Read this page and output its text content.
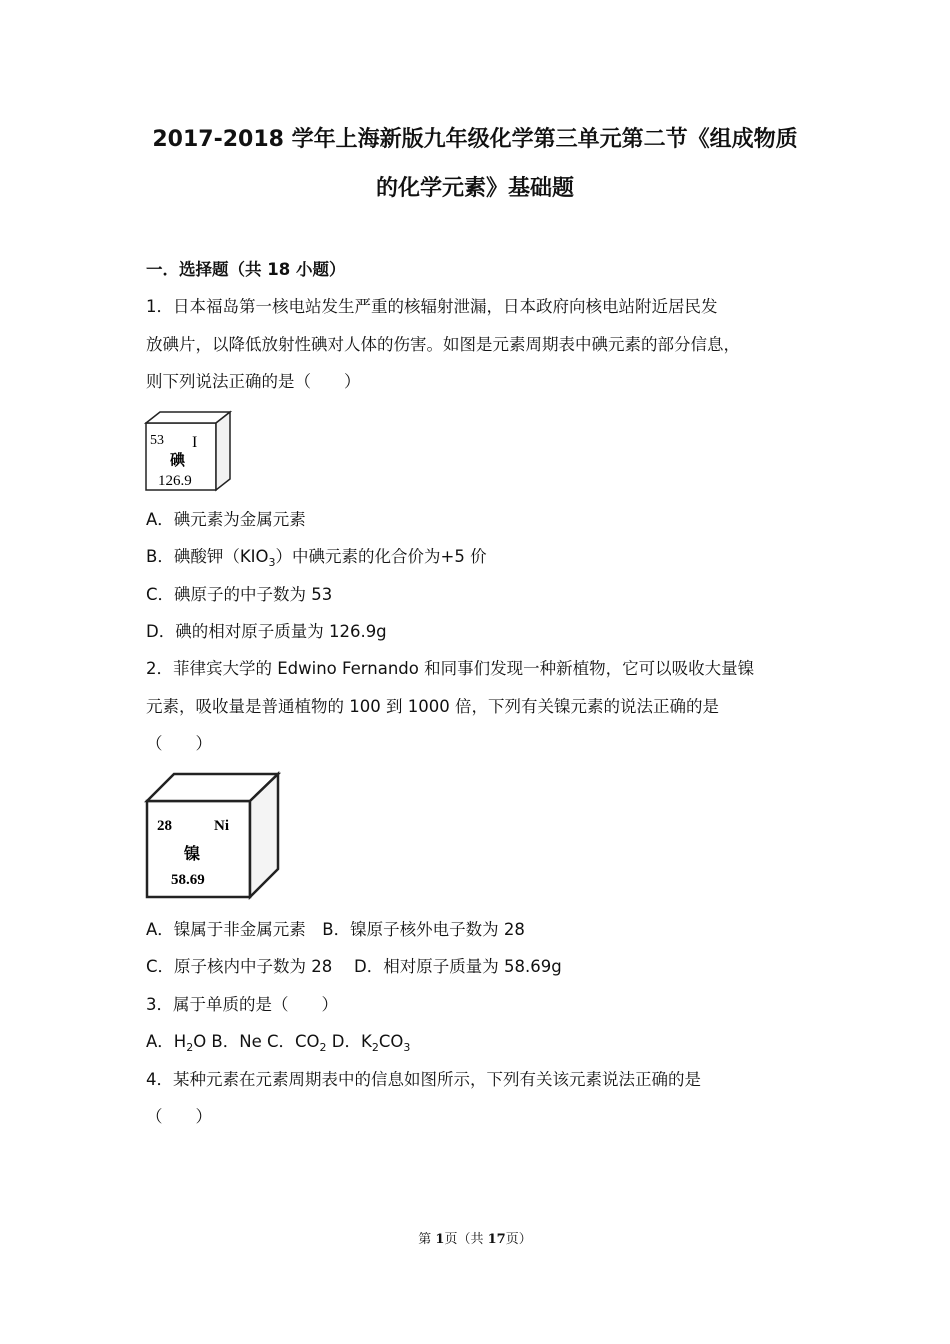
2017-2018 学年上海新版九年级化学第三单元第二节《组成物质
的化学元素》基础题
一．选择题（共 18 小题）
1．日本福岛第一核电站发生严重的核辐射泄漏，日本政府向核电站附近居民发
放碘片，以降低放射性碘对人体的伤害。如图是元素周期表中碘元素的部分信息，
则下列说法正确的是（　　）
53 I
碘
126.9
A．碘元素为金属元素
B．碘酸钾$(KIO_3)$中碘元素的化合价为+5 价
C．碘原子的中子数为 53
D．碘的相对原子质量为 126.9g
2．菲律宾大学的 Edwino Fernando 和同事们发现一种新植物，它可以吸收大量镍
元素，吸收量是普通植物的 100 到 1000 倍，下列有关镍元素的说法正确的是
（　　）
28	Ni
镍
58.69
A．镍属于非金属元素　B．镍原子核外电子数为 28
C．原子核内中子数为 28　 D．相对原子质量为 58.69g
3．属于单质的是（　　）
A．$H_2O$ B．Ne C．$CO_2$ D．$K_2CO_3$
4．某种元素在元素周期表中的信息如图所示，下列有关该元素说法正确的是
（　　）
第 1页（共 17页）
